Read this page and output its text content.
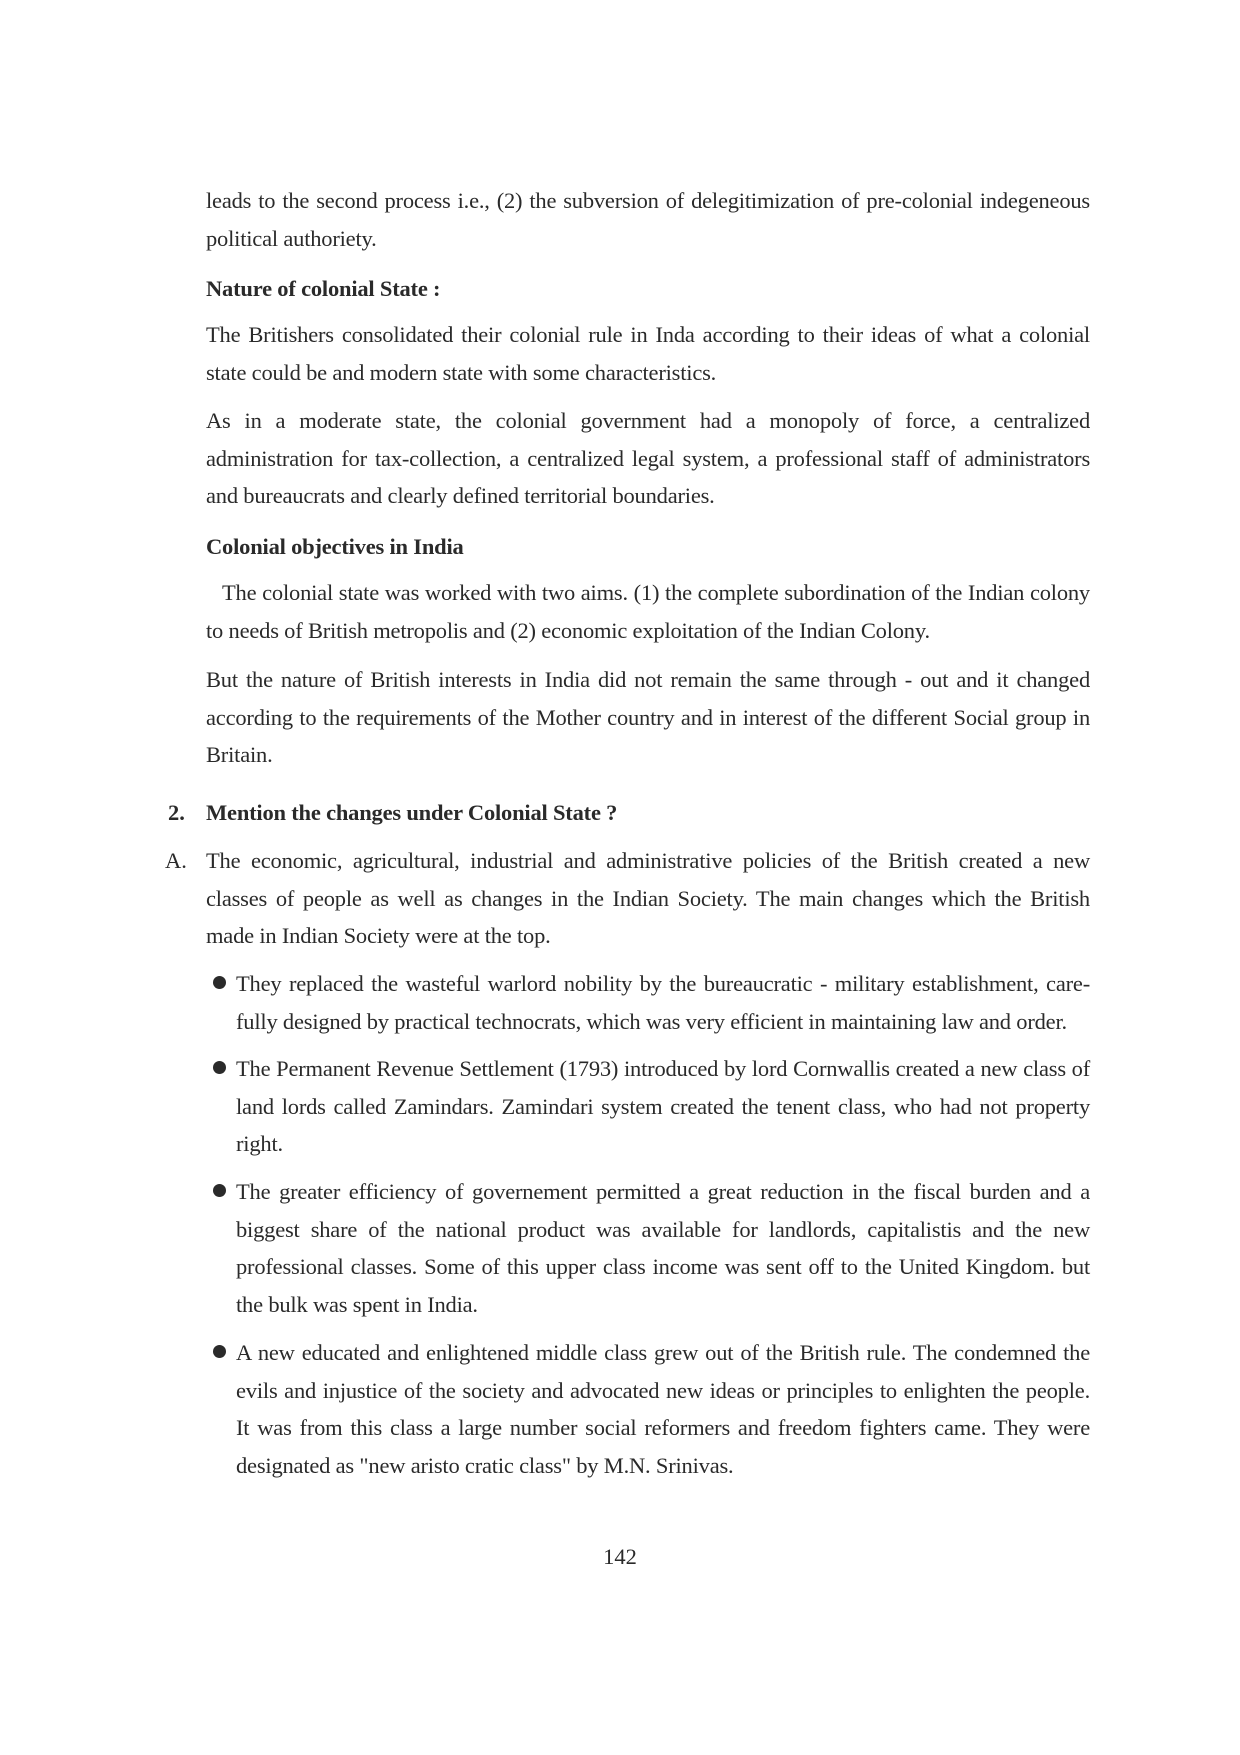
leads to the second process i.e., (2) the subversion of delegitimization of pre-colonial indegeneous political authoriety.

Nature of colonial State :

The Britishers consolidated their colonial rule in Inda according to their ideas of what a colonial state could be and modern state with some characteristics.

As in a moderate state, the colonial government had a monopoly of force, a centralized administration for tax-collection, a centralized legal system, a professional staff of administrators and bureaucrats and clearly defined territorial boundaries.

Colonial objectives in India

The colonial state was worked with two aims. (1) the complete subordination of the Indian colony to needs of British metropolis and (2) economic exploitation of the Indian Colony.

But the nature of British interests in India did not remain the same through - out and it changed according to the requirements of the Mother country and in interest of the different Social group in Britain.

2. Mention the changes under Colonial State ?

A. The economic, agricultural, industrial and administrative policies of the British created a new classes of people as well as changes in the Indian Society. The main changes which the British made in Indian Society were at the top.

They replaced the wasteful warlord nobility by the bureaucratic - military establishment, care- fully designed by practical technocrats, which was very efficient in maintaining law and order.

The Permanent Revenue Settlement (1793) introduced by lord Cornwallis created a new class of land lords called Zamindars. Zamindari system created the tenent class, who had not property right.

The greater efficiency of governement permitted a great reduction in the fiscal burden and a biggest share of the national product was available for landlords, capitalistis and the new professional classes. Some of this upper class income was sent off to the United Kingdom. but the bulk was spent in India.

A new educated and enlightened middle class grew out of the British rule. The condemned the evils and injustice of the society and advocated new ideas or principles to enlighten the people. It was from this class a large number social reformers and freedom fighters came. They were designated as "new aristo cratic class" by M.N. Srinivas.

142
